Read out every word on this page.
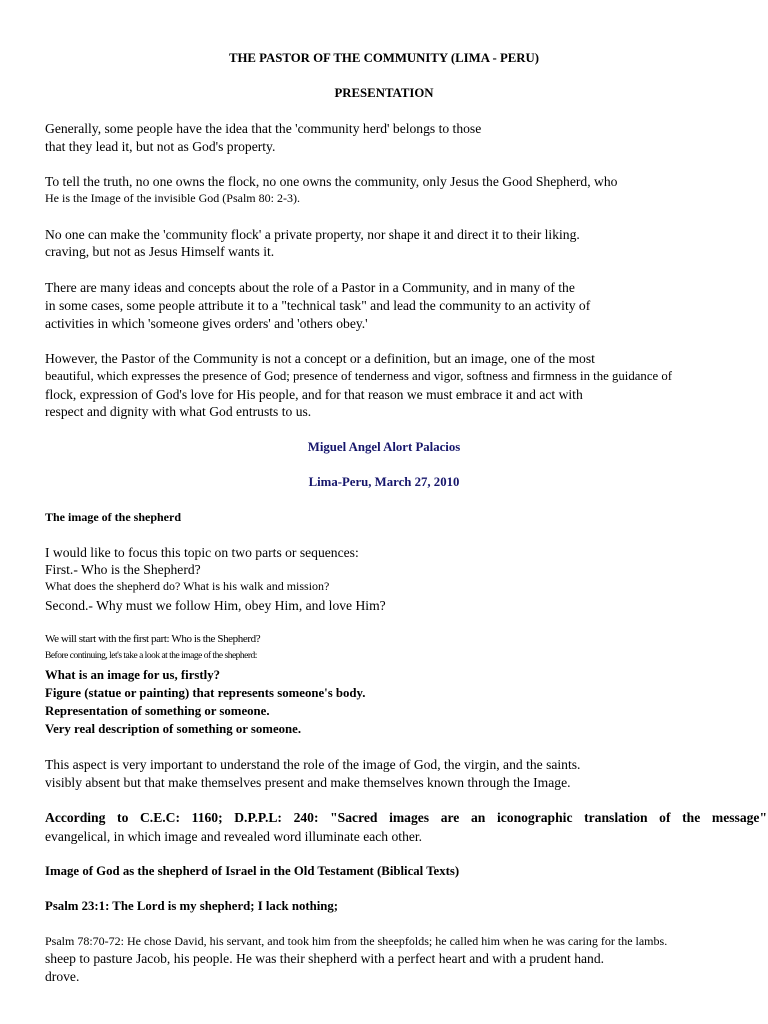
THE PASTOR OF THE COMMUNITY (LIMA - PERU)
PRESENTATION
Generally, some people have the idea that the 'community herd' belongs to those
that they lead it, but not as God's property.
To tell the truth, no one owns the flock, no one owns the community, only Jesus the Good Shepherd, who
He is the Image of the invisible God (Psalm 80: 2-3).
No one can make the 'community flock' a private property, nor shape it and direct it to their liking.
craving, but not as Jesus Himself wants it.
There are many ideas and concepts about the role of a Pastor in a Community, and in many of the
in some cases, some people attribute it to a "technical task" and lead the community to an activity of
activities in which 'someone gives orders' and 'others obey.'
However, the Pastor of the Community is not a concept or a definition, but an image, one of the most
beautiful, which expresses the presence of God; presence of tenderness and vigor, softness and firmness in the guidance of
flock, expression of God's love for His people, and for that reason we must embrace it and act with
respect and dignity with what God entrusts to us.
Miguel Angel Alort Palacios
Lima-Peru, March 27, 2010
The image of the shepherd
I would like to focus this topic on two parts or sequences:
First.- Who is the Shepherd?
What does the shepherd do? What is his walk and mission?
Second.- Why must we follow Him, obey Him, and love Him?
We will start with the first part: Who is the Shepherd?
Before continuing, let's take a look at the image of the shepherd:
What is an image for us, firstly?
Figure (statue or painting) that represents someone's body.
Representation of something or someone.
Very real description of something or someone.
This aspect is very important to understand the role of the image of God, the virgin, and the saints.
visibly absent but that make themselves present and make themselves known through the Image.
According to C.E.C: 1160; D.P.P.L: 240: "Sacred images are an iconographic translation of the message"
evangelical, in which image and revealed word illuminate each other.
Image of God as the shepherd of Israel in the Old Testament (Biblical Texts)
Psalm 23:1: The Lord is my shepherd; I lack nothing;
Psalm 78:70-72: He chose David, his servant, and took him from the sheepfolds; he called him when he was caring for the lambs.
sheep to pasture Jacob, his people. He was their shepherd with a perfect heart and with a prudent hand.
drove.
